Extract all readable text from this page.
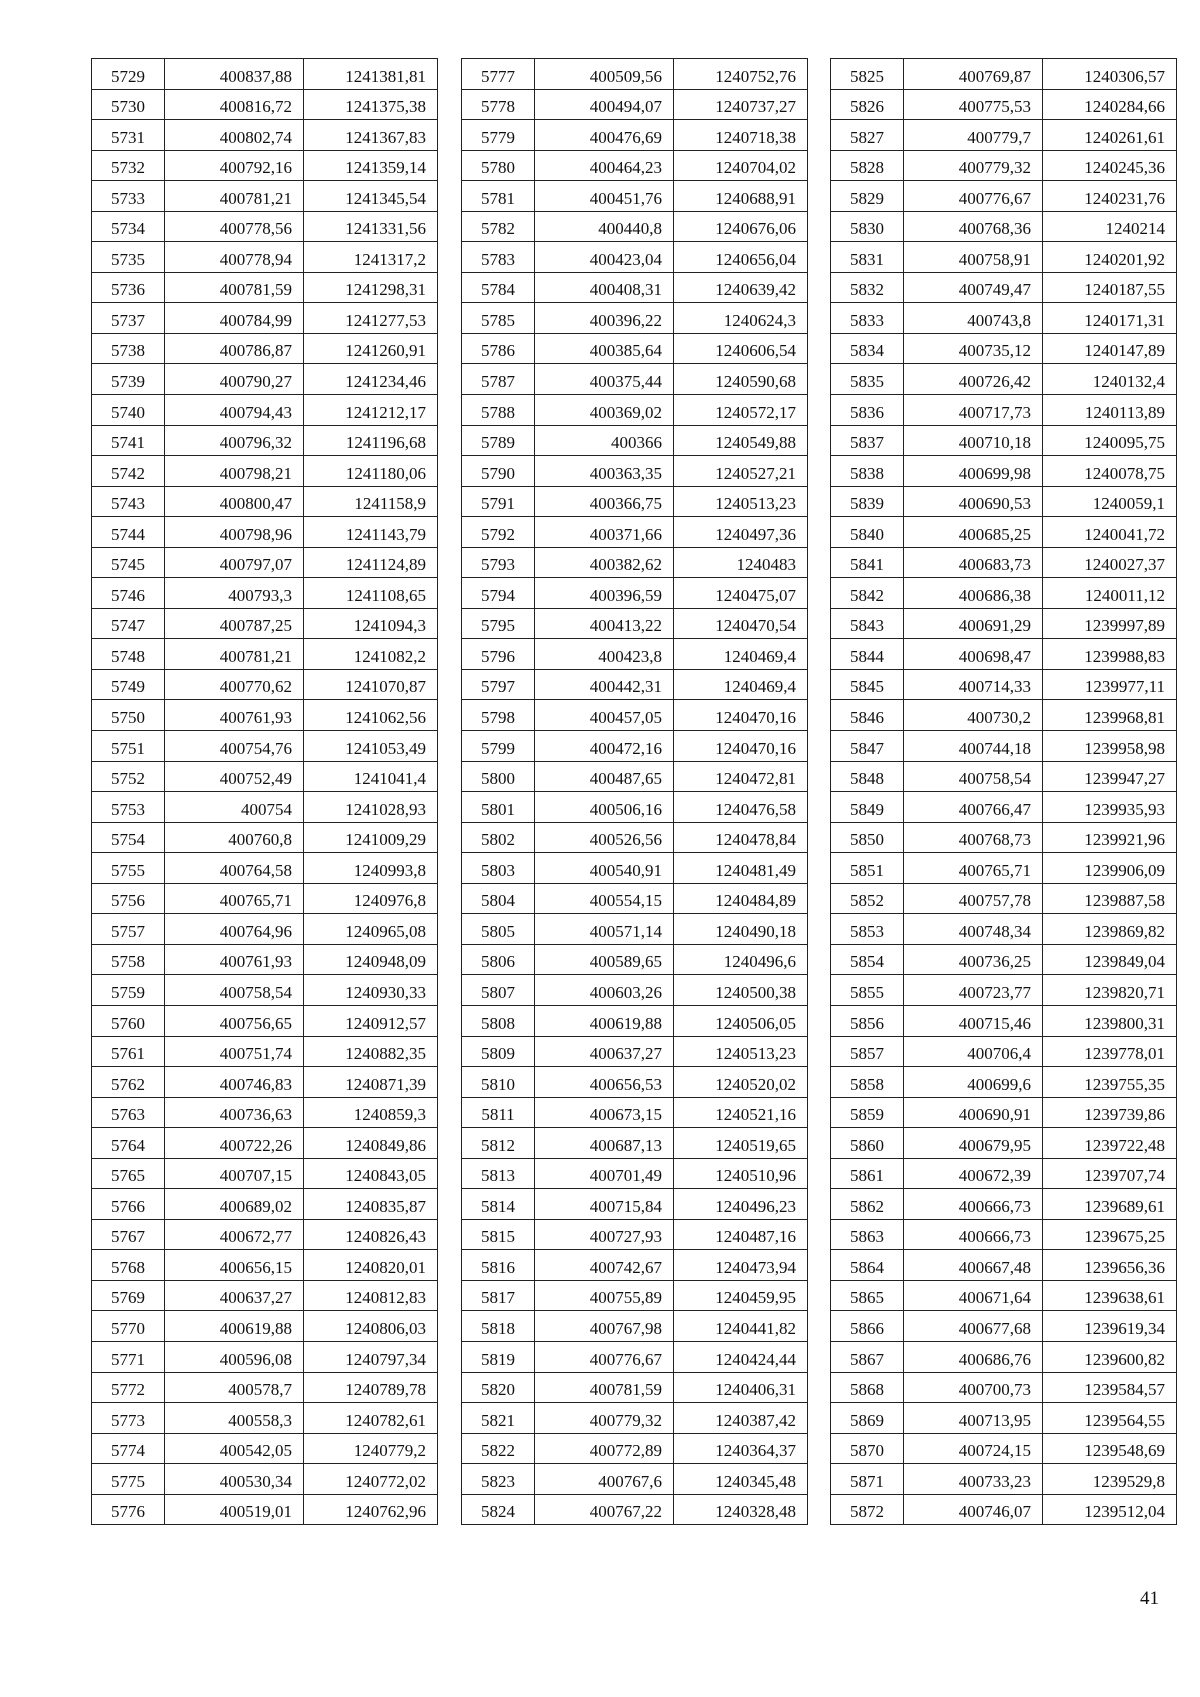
5729	400837,88	1241381,81
5730	400816,72	1241375,38
5731	400802,74	1241367,83
5732	400792,16	1241359,14
5733	400781,21	1241345,54
5734	400778,56	1241331,56
5735	400778,94	1241317,2
5736	400781,59	1241298,31
5737	400784,99	1241277,53
5738	400786,87	1241260,91
5739	400790,27	1241234,46
5740	400794,43	1241212,17
5741	400796,32	1241196,68
5742	400798,21	1241180,06
5743	400800,47	1241158,9
5744	400798,96	1241143,79
5745	400797,07	1241124,89
5746	400793,3	1241108,65
5747	400787,25	1241094,3
5748	400781,21	1241082,2
5749	400770,62	1241070,87
5750	400761,93	1241062,56
5751	400754,76	1241053,49
5752	400752,49	1241041,4
5753	400754	1241028,93
5754	400760,8	1241009,29
5755	400764,58	1240993,8
5756	400765,71	1240976,8
5757	400764,96	1240965,08
5758	400761,93	1240948,09
5759	400758,54	1240930,33
5760	400756,65	1240912,57
5761	400751,74	1240882,35
5762	400746,83	1240871,39
5763	400736,63	1240859,3
5764	400722,26	1240849,86
5765	400707,15	1240843,05
5766	400689,02	1240835,87
5767	400672,77	1240826,43
5768	400656,15	1240820,01
5769	400637,27	1240812,83
5770	400619,88	1240806,03
5771	400596,08	1240797,34
5772	400578,7	1240789,78
5773	400558,3	1240782,61
5774	400542,05	1240779,2
5775	400530,34	1240772,02
5776	400519,01	1240762,96
5777	400509,56	1240752,76
5778	400494,07	1240737,27
5779	400476,69	1240718,38
5780	400464,23	1240704,02
5781	400451,76	1240688,91
5782	400440,8	1240676,06
5783	400423,04	1240656,04
5784	400408,31	1240639,42
5785	400396,22	1240624,3
5786	400385,64	1240606,54
5787	400375,44	1240590,68
5788	400369,02	1240572,17
5789	400366	1240549,88
5790	400363,35	1240527,21
5791	400366,75	1240513,23
5792	400371,66	1240497,36
5793	400382,62	1240483
5794	400396,59	1240475,07
5795	400413,22	1240470,54
5796	400423,8	1240469,4
5797	400442,31	1240469,4
5798	400457,05	1240470,16
5799	400472,16	1240470,16
5800	400487,65	1240472,81
5801	400506,16	1240476,58
5802	400526,56	1240478,84
5803	400540,91	1240481,49
5804	400554,15	1240484,89
5805	400571,14	1240490,18
5806	400589,65	1240496,6
5807	400603,26	1240500,38
5808	400619,88	1240506,05
5809	400637,27	1240513,23
5810	400656,53	1240520,02
5811	400673,15	1240521,16
5812	400687,13	1240519,65
5813	400701,49	1240510,96
5814	400715,84	1240496,23
5815	400727,93	1240487,16
5816	400742,67	1240473,94
5817	400755,89	1240459,95
5818	400767,98	1240441,82
5819	400776,67	1240424,44
5820	400781,59	1240406,31
5821	400779,32	1240387,42
5822	400772,89	1240364,37
5823	400767,6	1240345,48
5824	400767,22	1240328,48
5825	400769,87	1240306,57
5826	400775,53	1240284,66
5827	400779,7	1240261,61
5828	400779,32	1240245,36
5829	400776,67	1240231,76
5830	400768,36	1240214
5831	400758,91	1240201,92
5832	400749,47	1240187,55
5833	400743,8	1240171,31
5834	400735,12	1240147,89
5835	400726,42	1240132,4
5836	400717,73	1240113,89
5837	400710,18	1240095,75
5838	400699,98	1240078,75
5839	400690,53	1240059,1
5840	400685,25	1240041,72
5841	400683,73	1240027,37
5842	400686,38	1240011,12
5843	400691,29	1239997,89
5844	400698,47	1239988,83
5845	400714,33	1239977,11
5846	400730,2	1239968,81
5847	400744,18	1239958,98
5848	400758,54	1239947,27
5849	400766,47	1239935,93
5850	400768,73	1239921,96
5851	400765,71	1239906,09
5852	400757,78	1239887,58
5853	400748,34	1239869,82
5854	400736,25	1239849,04
5855	400723,77	1239820,71
5856	400715,46	1239800,31
5857	400706,4	1239778,01
5858	400699,6	1239755,35
5859	400690,91	1239739,86
5860	400679,95	1239722,48
5861	400672,39	1239707,74
5862	400666,73	1239689,61
5863	400666,73	1239675,25
5864	400667,48	1239656,36
5865	400671,64	1239638,61
5866	400677,68	1239619,34
5867	400686,76	1239600,82
5868	400700,73	1239584,57
5869	400713,95	1239564,55
5870	400724,15	1239548,69
5871	400733,23	1239529,8
5872	400746,07	1239512,04
41
